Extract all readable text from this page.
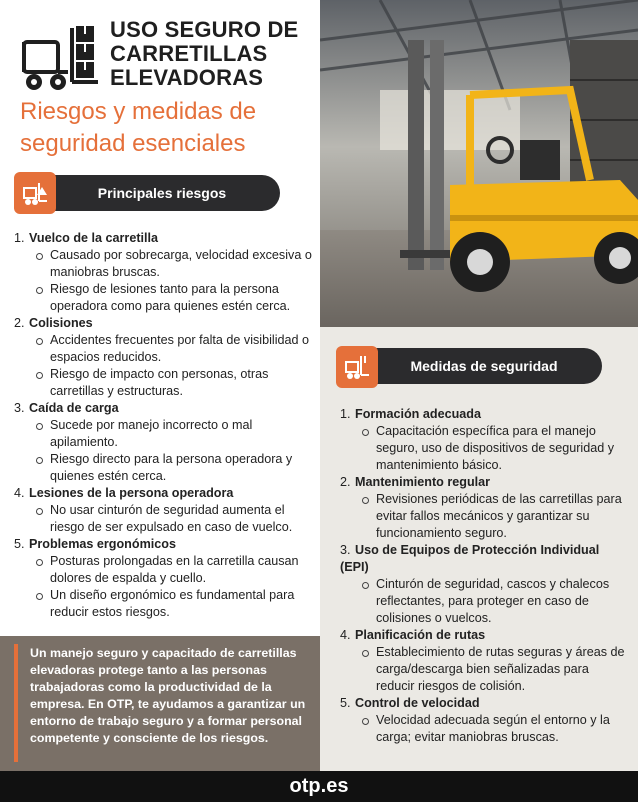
USO SEGURO DE
CARRETILLAS
ELEVADORAS
Riesgos y medidas de
seguridad esenciales
Principales riesgos
1. Vuelco de la carretilla
Causado por sobrecarga, velocidad excesiva o maniobras bruscas.
Riesgo de lesiones tanto para la persona operadora como para quienes estén cerca.
2. Colisiones
Accidentes frecuentes por falta de visibilidad o espacios reducidos.
Riesgo de impacto con personas, otras carretillas y estructuras.
3. Caída de carga
Sucede por manejo incorrecto o mal apilamiento.
Riesgo directo para la persona operadora y quienes estén cerca.
4. Lesiones de la persona operadora
No usar cinturón de seguridad aumenta el riesgo de ser expulsado en caso de vuelco.
5. Problemas ergonómicos
Posturas prolongadas en la carretilla causan dolores de espalda y cuello.
Un diseño ergonómico es fundamental para reducir estos riesgos.
Un manejo seguro y capacitado de carretillas elevadoras protege tanto a las personas trabajadoras como la productividad de la empresa. En OTP, te ayudamos a garantizar un entorno de trabajo seguro y a formar personal competente y consciente de los riesgos.
Medidas de seguridad
1. Formación adecuada
Capacitación específica para el manejo seguro, uso de dispositivos de seguridad y mantenimiento básico.
2. Mantenimiento regular
Revisiones periódicas de las carretillas para evitar fallos mecánicos y garantizar su funcionamiento seguro.
3. Uso de Equipos de Protección Individual (EPI)
Cinturón de seguridad, cascos y chalecos reflectantes, para proteger en caso de colisiones o vuelcos.
4. Planificación de rutas
Establecimiento de rutas seguras y áreas de carga/descarga bien señalizadas para reducir riesgos de colisión.
5. Control de velocidad
Velocidad adecuada según el entorno y la carga; evitar maniobras bruscas.
otp.es
